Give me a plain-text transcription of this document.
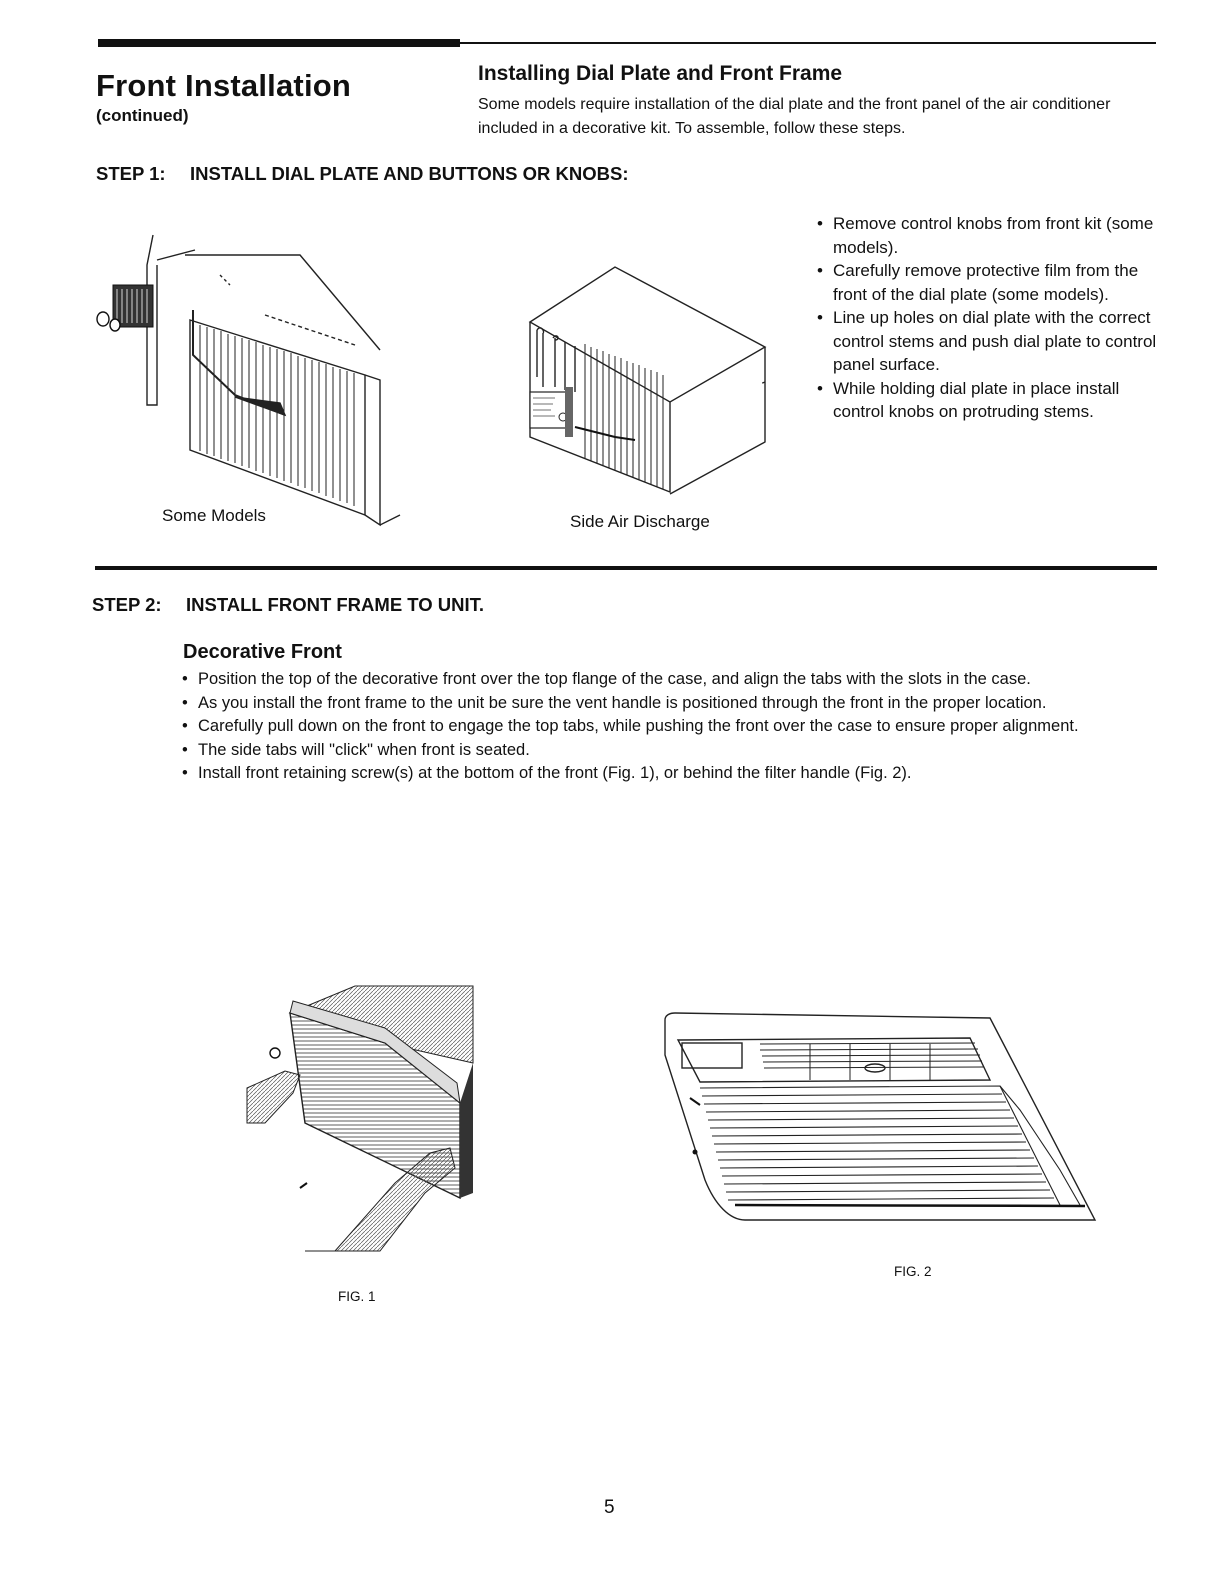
Front Installation
(continued)
Installing Dial Plate and Front Frame
Some models require installation of the dial plate and the front panel of the air conditioner included in a decorative kit. To assemble, follow these steps.
STEP 1: INSTALL DIAL PLATE AND BUTTONS OR KNOBS:
Some Models	Side Air Discharge
• Remove control knobs from front kit (some models).
• Carefully remove protective film from the front of the dial plate (some models).
• Line up holes on dial plate with the correct control stems and push dial plate to control panel surface.
• While holding dial plate in place install control knobs on protruding stems.
STEP 2: INSTALL FRONT FRAME TO UNIT.
Decorative Front
• Position the top of the decorative front over the top flange of the case, and align the tabs with the slots in the case.
• As you install the front frame to the unit be sure the vent handle is positioned through the front in the proper location.
• Carefully pull down on the front to engage the top tabs, while pushing the front over the case to ensure proper alignment.
• The side tabs will "click" when front is seated.
• Install front retaining screw(s) at the bottom of the front (Fig. 1), or behind the filter handle (Fig. 2).
FIG. 1
FIG. 2
5
